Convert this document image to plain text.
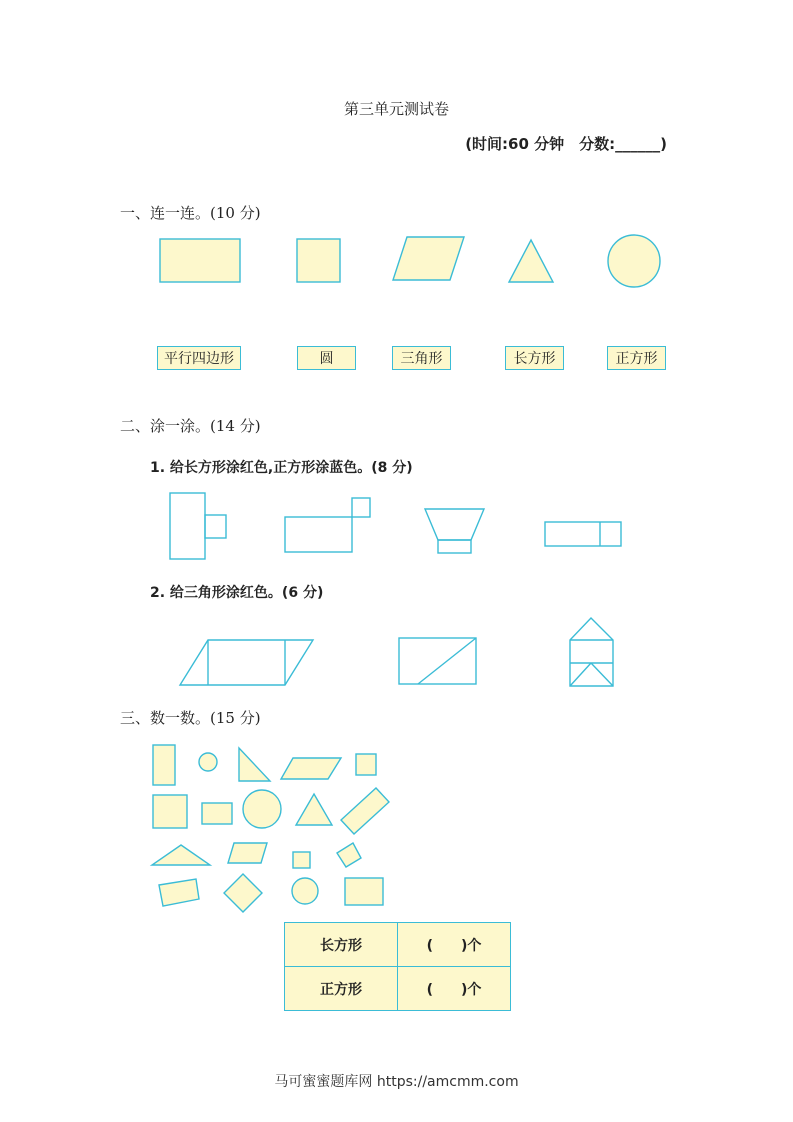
第三单元测试卷
(时间:60 分钟　分数:______)
一、连一连。(10 分)
平行四边形	圆	三角形	长方形	正方形
二、涂一涂。(14 分)
1. 给长方形涂红色,正方形涂蓝色。(8 分)
2. 给三角形涂红色。(6 分)
三、数一数。(15 分)
长方形	(　　)个
正方形	(　　)个
马可蜜蜜题库网 https://amcmm.com
